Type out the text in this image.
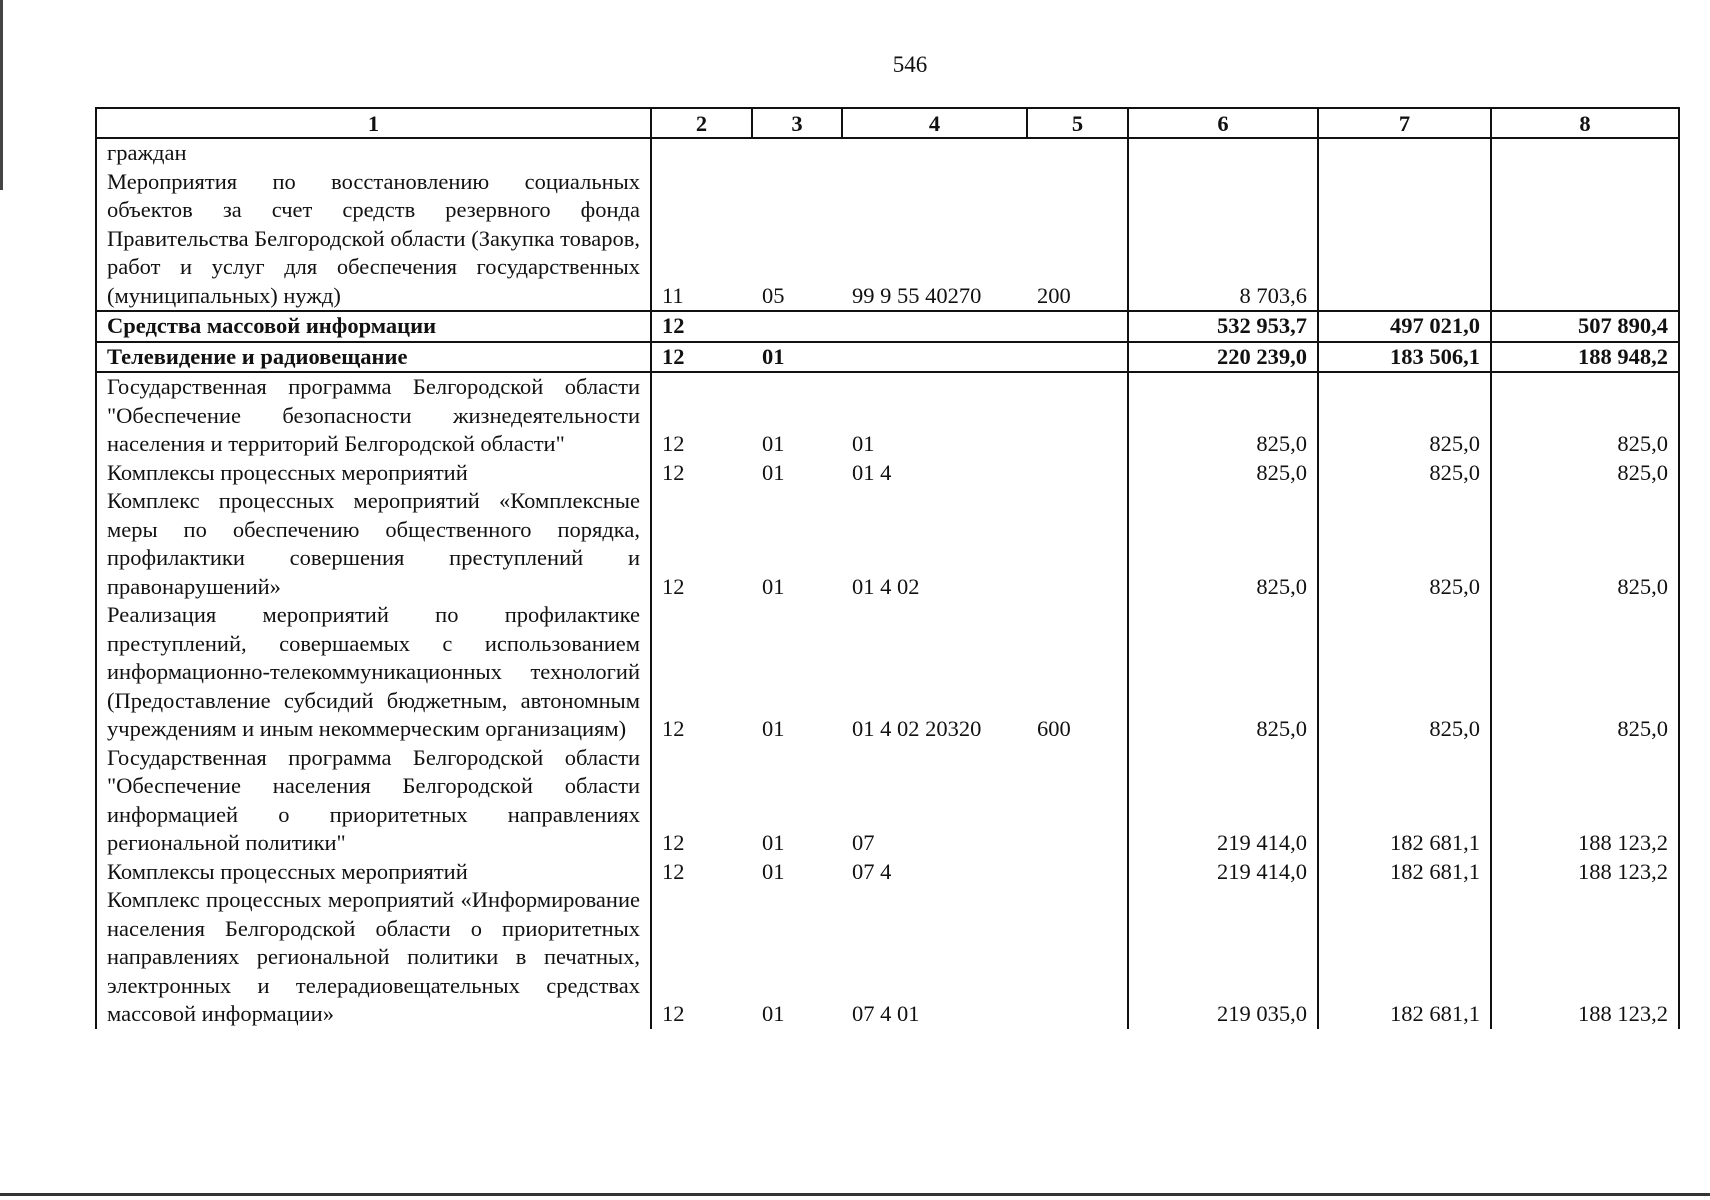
546
1	2	3	4	5	6	7	8
граждан
Мероприятия по восстановлению социальных объектов за счет средств резервного фонда Правительства Белгородской области (Закупка товаров, работ и услуг для обеспечения государственных (муниципальных) нужд)	11	05	99 9 55 40270	200	8 703,6		
Средства массовой информации	12				532 953,7	497 021,0	507 890,4
Телевидение и радиовещание	12	01			220 239,0	183 506,1	188 948,2
Государственная программа Белгородской области "Обеспечение безопасности жизнедеятельности населения и территорий Белгородской области"	12	01	01		825,0	825,0	825,0
Комплексы процессных мероприятий	12	01	01 4		825,0	825,0	825,0
Комплекс процессных мероприятий «Комплексные меры по обеспечению общественного порядка, профилактики совершения преступлений и правонарушений»	12	01	01 4 02		825,0	825,0	825,0
Реализация мероприятий по профилактике преступлений, совершаемых с использованием информационно-телекоммуникационных технологий (Предоставление субсидий бюджетным, автономным учреждениям и иным некоммерческим организациям)	12	01	01 4 02 20320	600	825,0	825,0	825,0
Государственная программа Белгородской области "Обеспечение населения Белгородской области информацией о приоритетных направлениях региональной политики"	12	01	07		219 414,0	182 681,1	188 123,2
Комплексы процессных мероприятий	12	01	07 4		219 414,0	182 681,1	188 123,2
Комплекс процессных мероприятий «Информирование населения Белгородской области о приоритетных направлениях региональной политики в печатных, электронных и телерадиовещательных средствах массовой информации»	12	01	07 4 01		219 035,0	182 681,1	188 123,2
